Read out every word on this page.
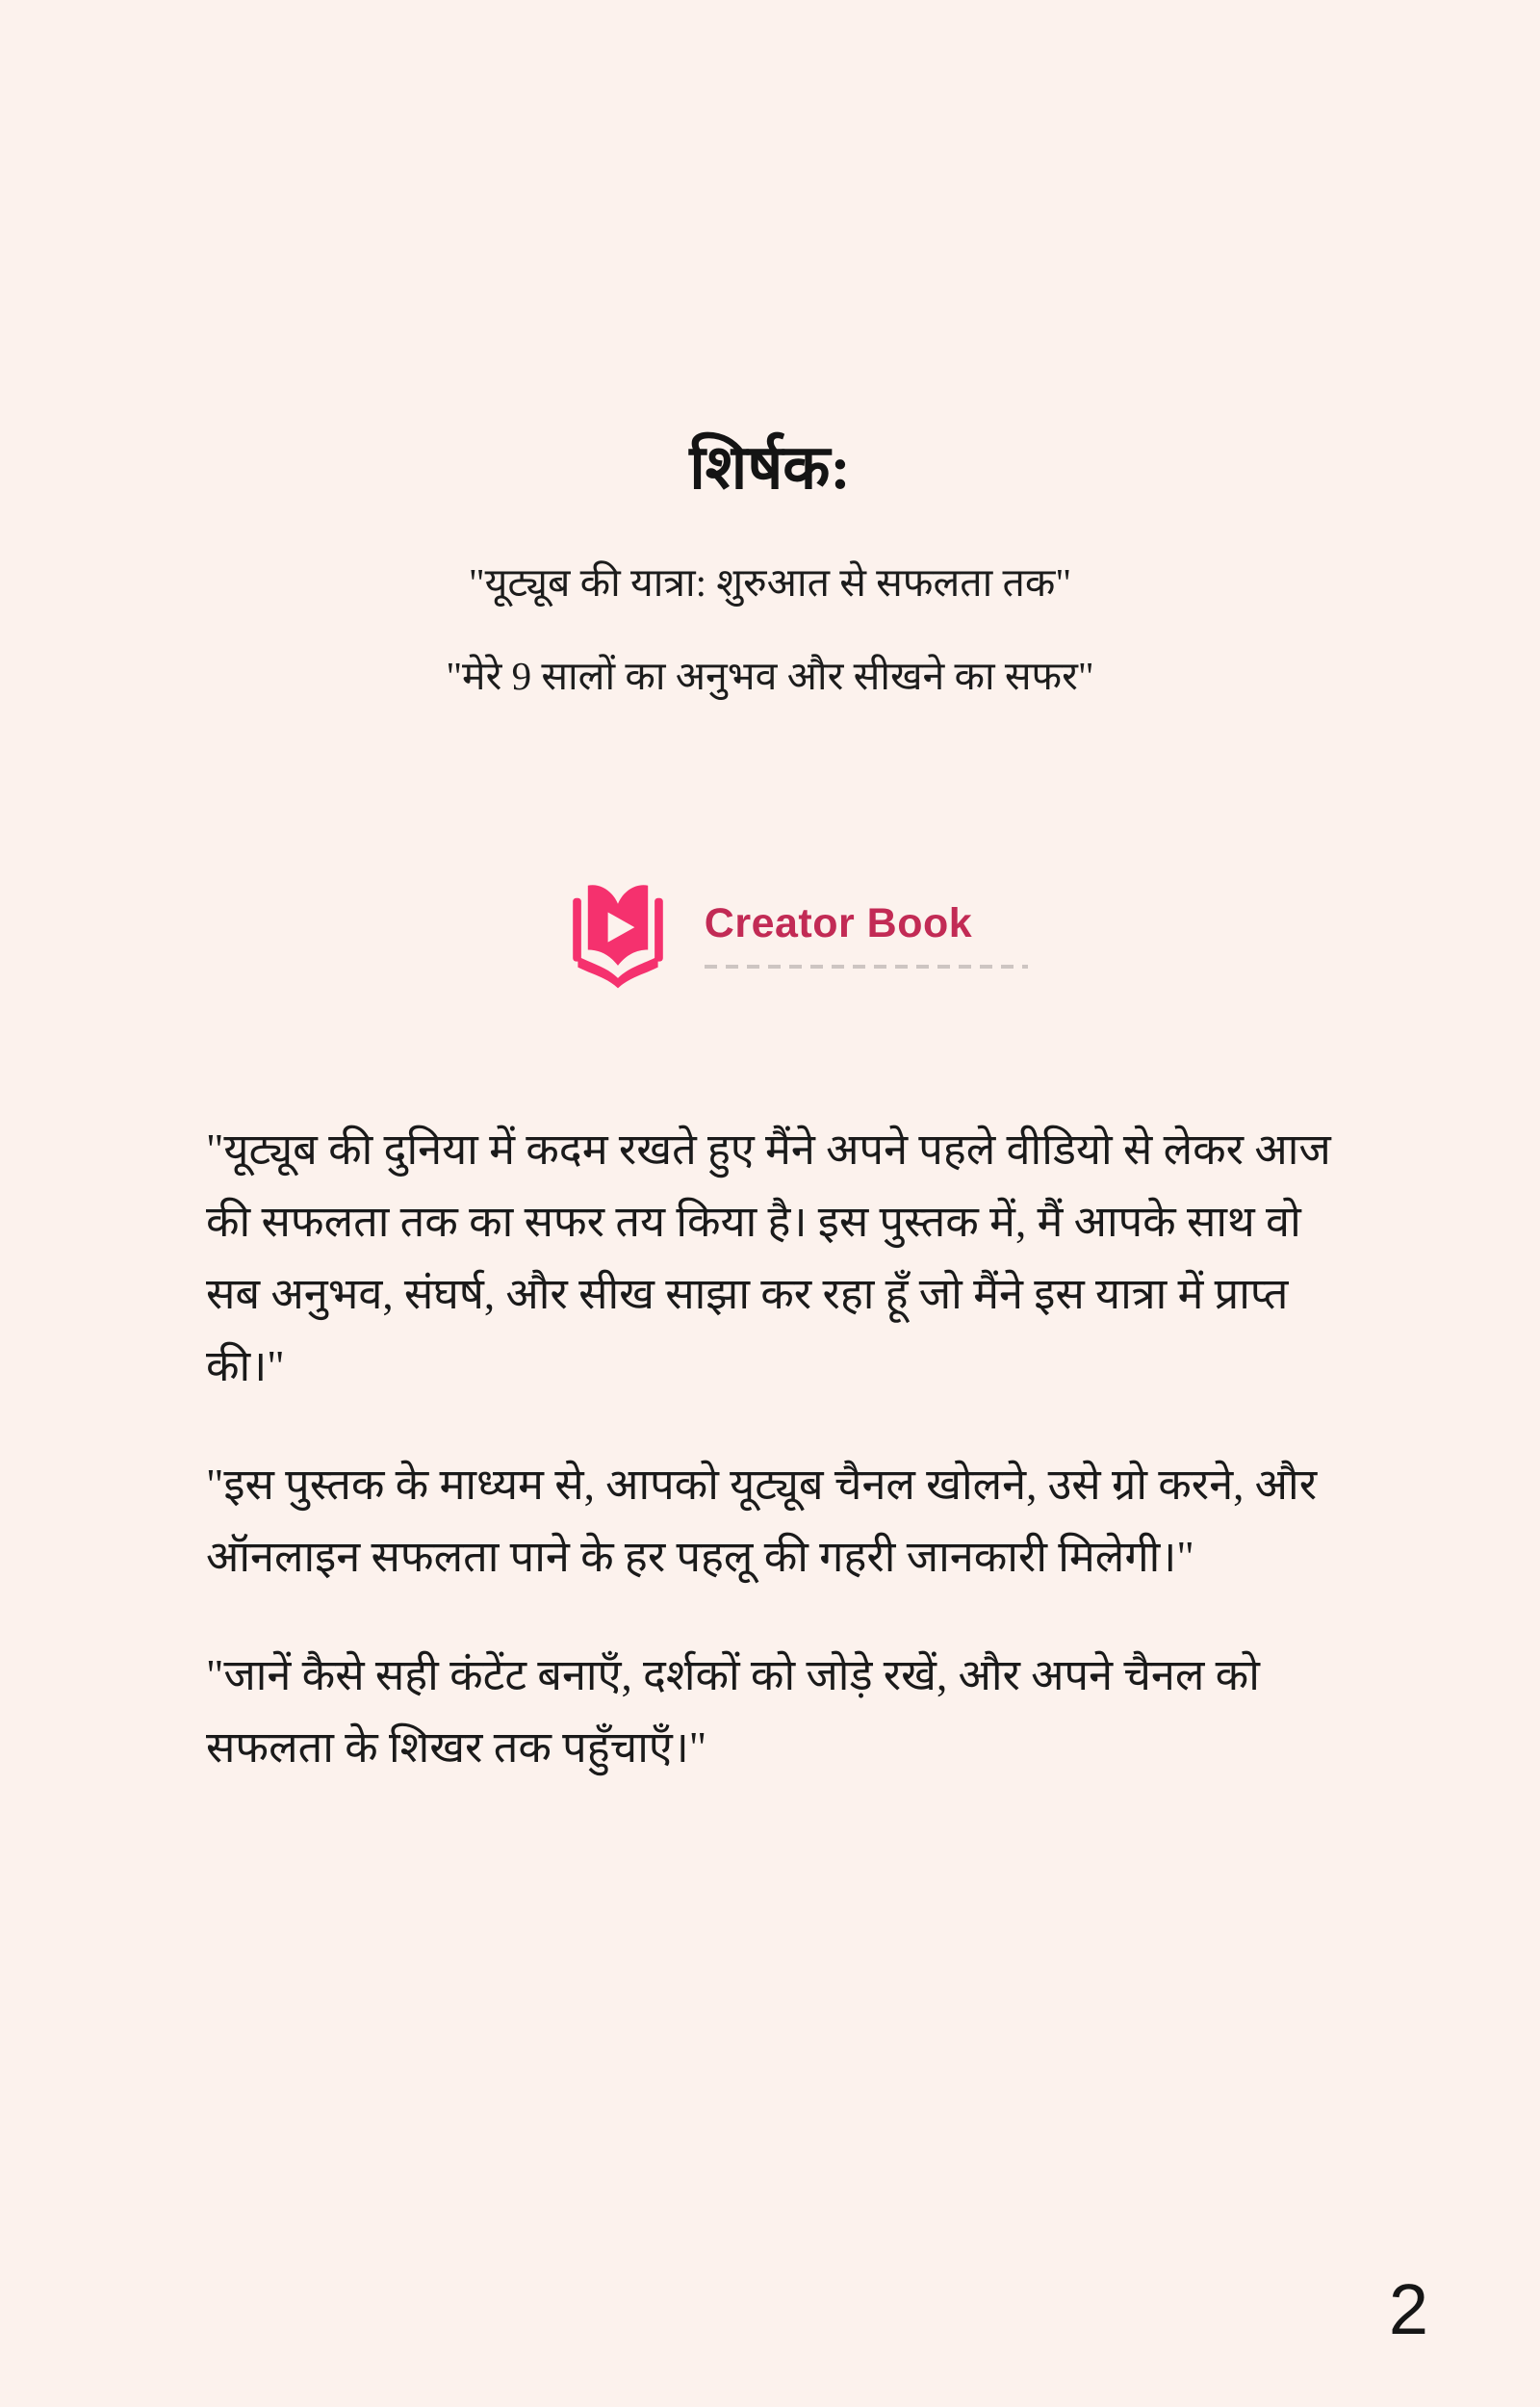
शिर्षक:

"यूट्यूब की यात्रा: शुरुआत से सफलता तक"

"मेरे 9 सालों का अनुभव और सीखने का सफर"

Creator Book

"यूट्यूब की दुनिया में कदम रखते हुए मैंने अपने पहले वीडियो से लेकर आज की सफलता तक का सफर तय किया है। इस पुस्तक में, मैं आपके साथ वो सब अनुभव, संघर्ष, और सीख साझा कर रहा हूँ जो मैंने इस यात्रा में प्राप्त की।"

"इस पुस्तक के माध्यम से, आपको यूट्यूब चैनल खोलने, उसे ग्रो करने, और ऑनलाइन सफलता पाने के हर पहलू की गहरी जानकारी मिलेगी।"

"जानें कैसे सही कंटेंट बनाएँ, दर्शकों को जोड़े रखें, और अपने चैनल को सफलता के शिखर तक पहुँचाएँ।"

2
